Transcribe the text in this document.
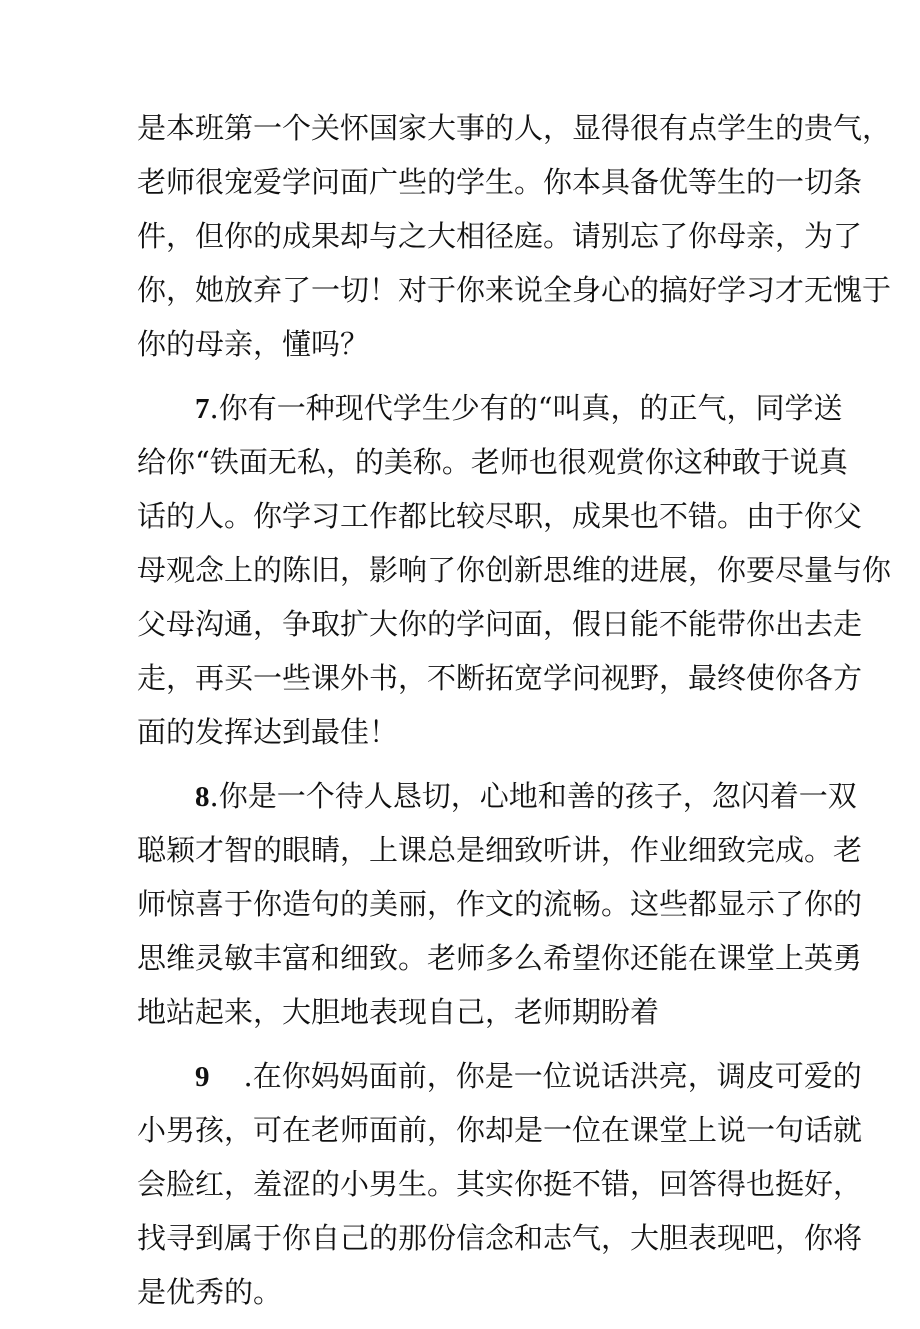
是本班第一个关怀国家大事的人，显得很有点学生的贵气，
老师很宠爱学问面广些的学生。你本具备优等生的一切条
件，但你的成果却与之大相径庭。请别忘了你母亲，为了
你，她放弃了一切！对于你来说全身心的搞好学习才无愧于
你的母亲，懂吗？

7.你有一种现代学生少有的“叫真，的正气，同学送
给你“铁面无私，的美称。老师也很观赏你这种敢于说真
话的人。你学习工作都比较尽职，成果也不错。由于你父
母观念上的陈旧，影响了你创新思维的进展，你要尽量与你
父母沟通，争取扩大你的学问面，假日能不能带你出去走
走，再买一些课外书，不断拓宽学问视野，最终使你各方
面的发挥达到最佳！

8.你是一个待人恳切，心地和善的孩子，忽闪着一双
聪颖才智的眼睛，上课总是细致听讲，作业细致完成。老
师惊喜于你造句的美丽，作文的流畅。这些都显示了你的
思维灵敏丰富和细致。老师多么希望你还能在课堂上英勇
地站起来，大胆地表现自己，老师期盼着

9 .在你妈妈面前，你是一位说话洪亮，调皮可爱的
小男孩，可在老师面前，你却是一位在课堂上说一句话就
会脸红，羞涩的小男生。其实你挺不错，回答得也挺好，
找寻到属于你自己的那份信念和志气，大胆表现吧，你将
是优秀的。
